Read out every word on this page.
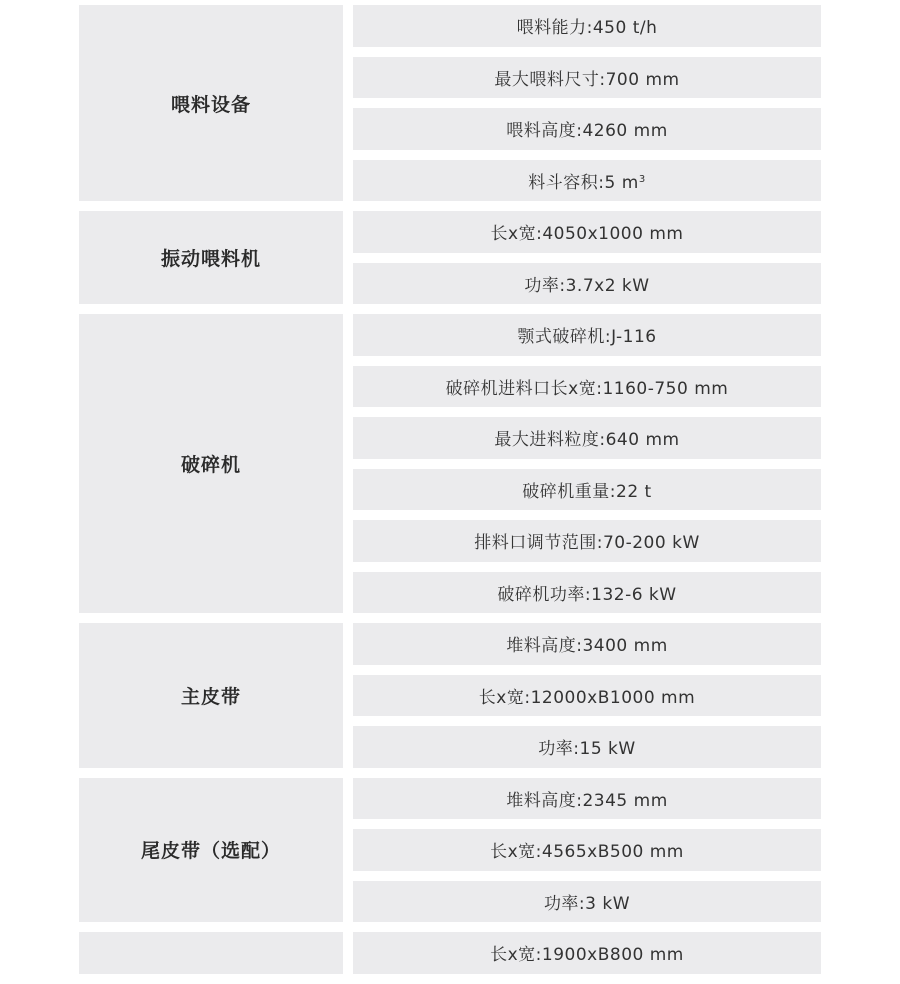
喂料设备
喂料能力:450 t/h
最大喂料尺寸:700 mm
喂料高度:4260 mm
料斗容积:5 m 3
振动喂料机
长x宽:4050x1000 mm
功率:3.7x2 kW
破碎机
颚式破碎机:J-116
破碎机进料口长x宽:1160-750 mm
最大进料粒度:640 mm
破碎机重量:22 t
排料口调节范围:70-200 kW
破碎机功率:132-6 kW
主皮带
堆料高度:3400 mm
长x宽:12000xB1000 mm
功率:15 kW
尾皮带（选配）
堆料高度:2345 mm
长x宽:4565xB500 mm
功率:3 kW
长x宽:1900xB800 mm
